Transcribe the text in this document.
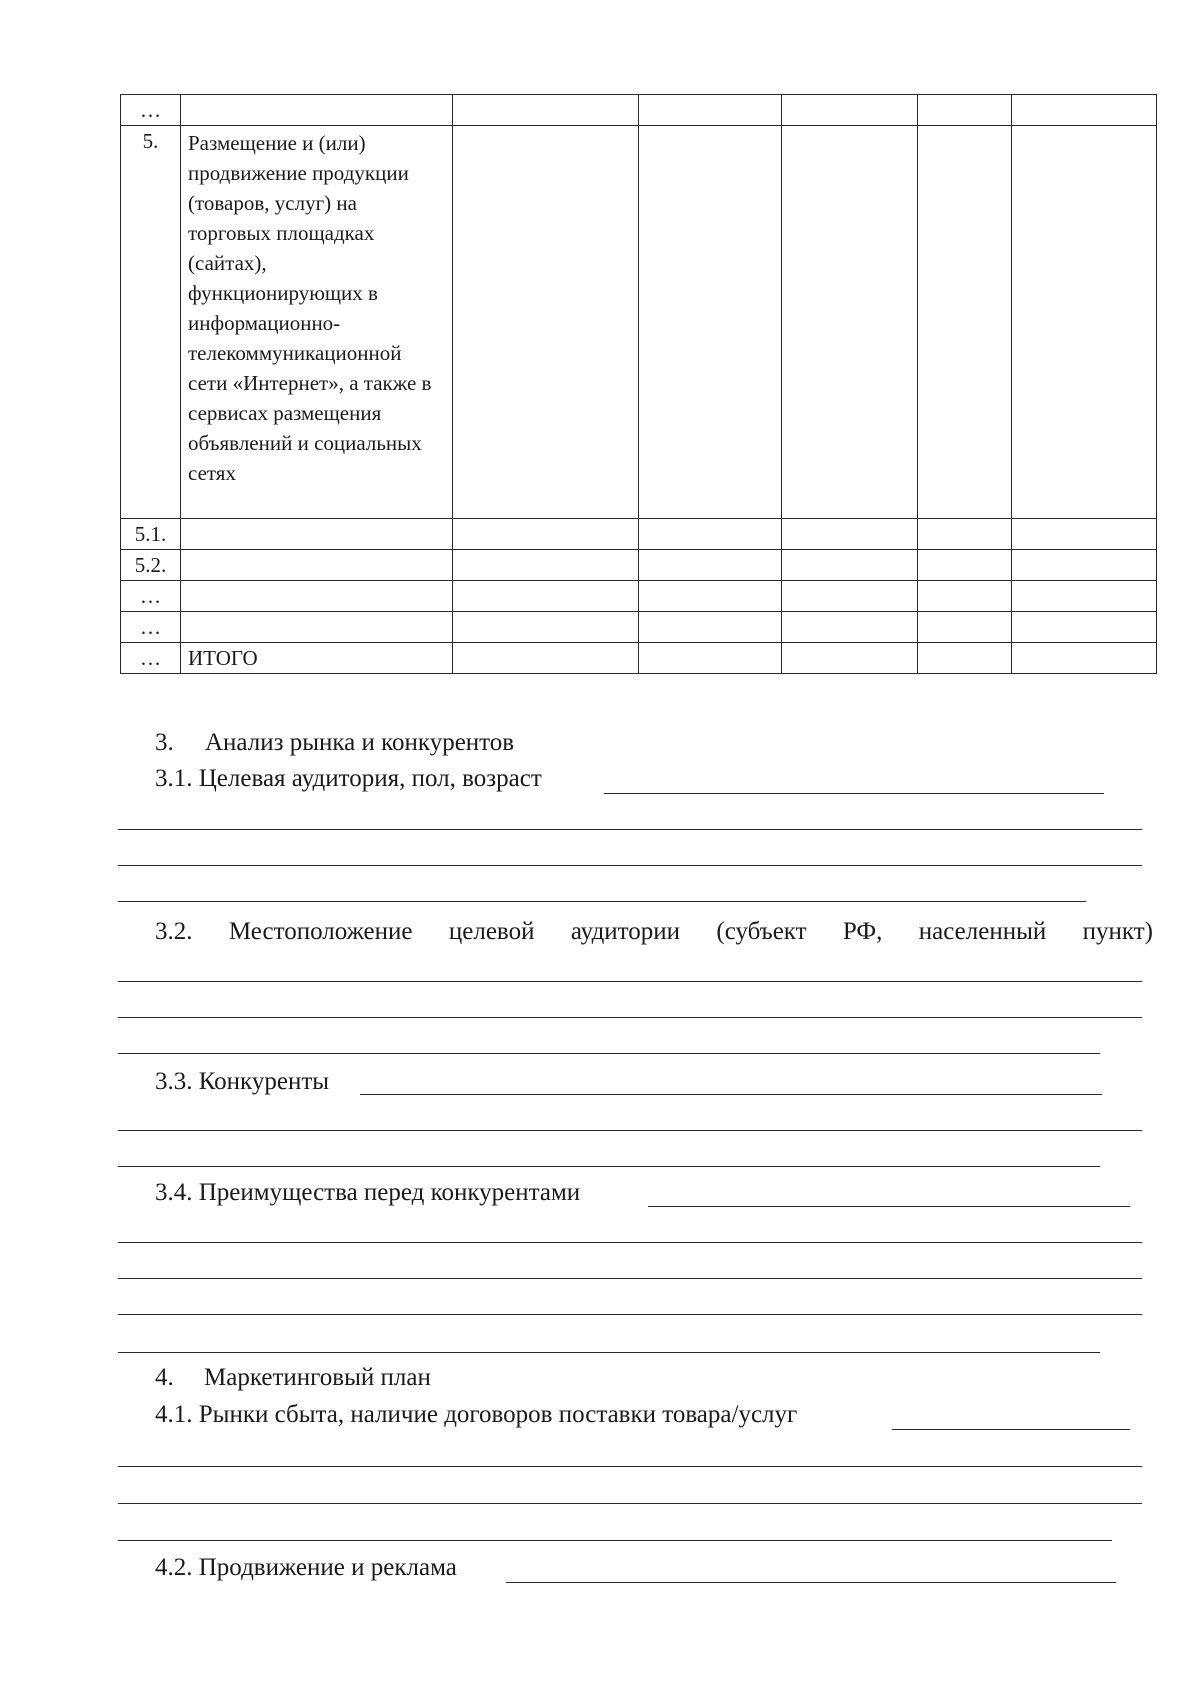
…						
5.	Размещение и (или) продвижение продукции (товаров, услуг) на торговых площадках (сайтах), функционирующих в информационно-телекоммуникационной сети «Интернет», а также в сервисах размещения объявлений и социальных сетях					
5.1.						
5.2.						
…						
…						
…	ИТОГО					
3. Анализ рынка и конкурентов
3.1. Целевая аудитория, пол, возраст
3.2. Местоположение целевой аудитории (субъект РФ, населенный пункт)
3.3. Конкуренты
3.4. Преимущества перед конкурентами
4. Маркетинговый план
4.1. Рынки сбыта, наличие договоров поставки товара/услуг
4.2. Продвижение и реклама
